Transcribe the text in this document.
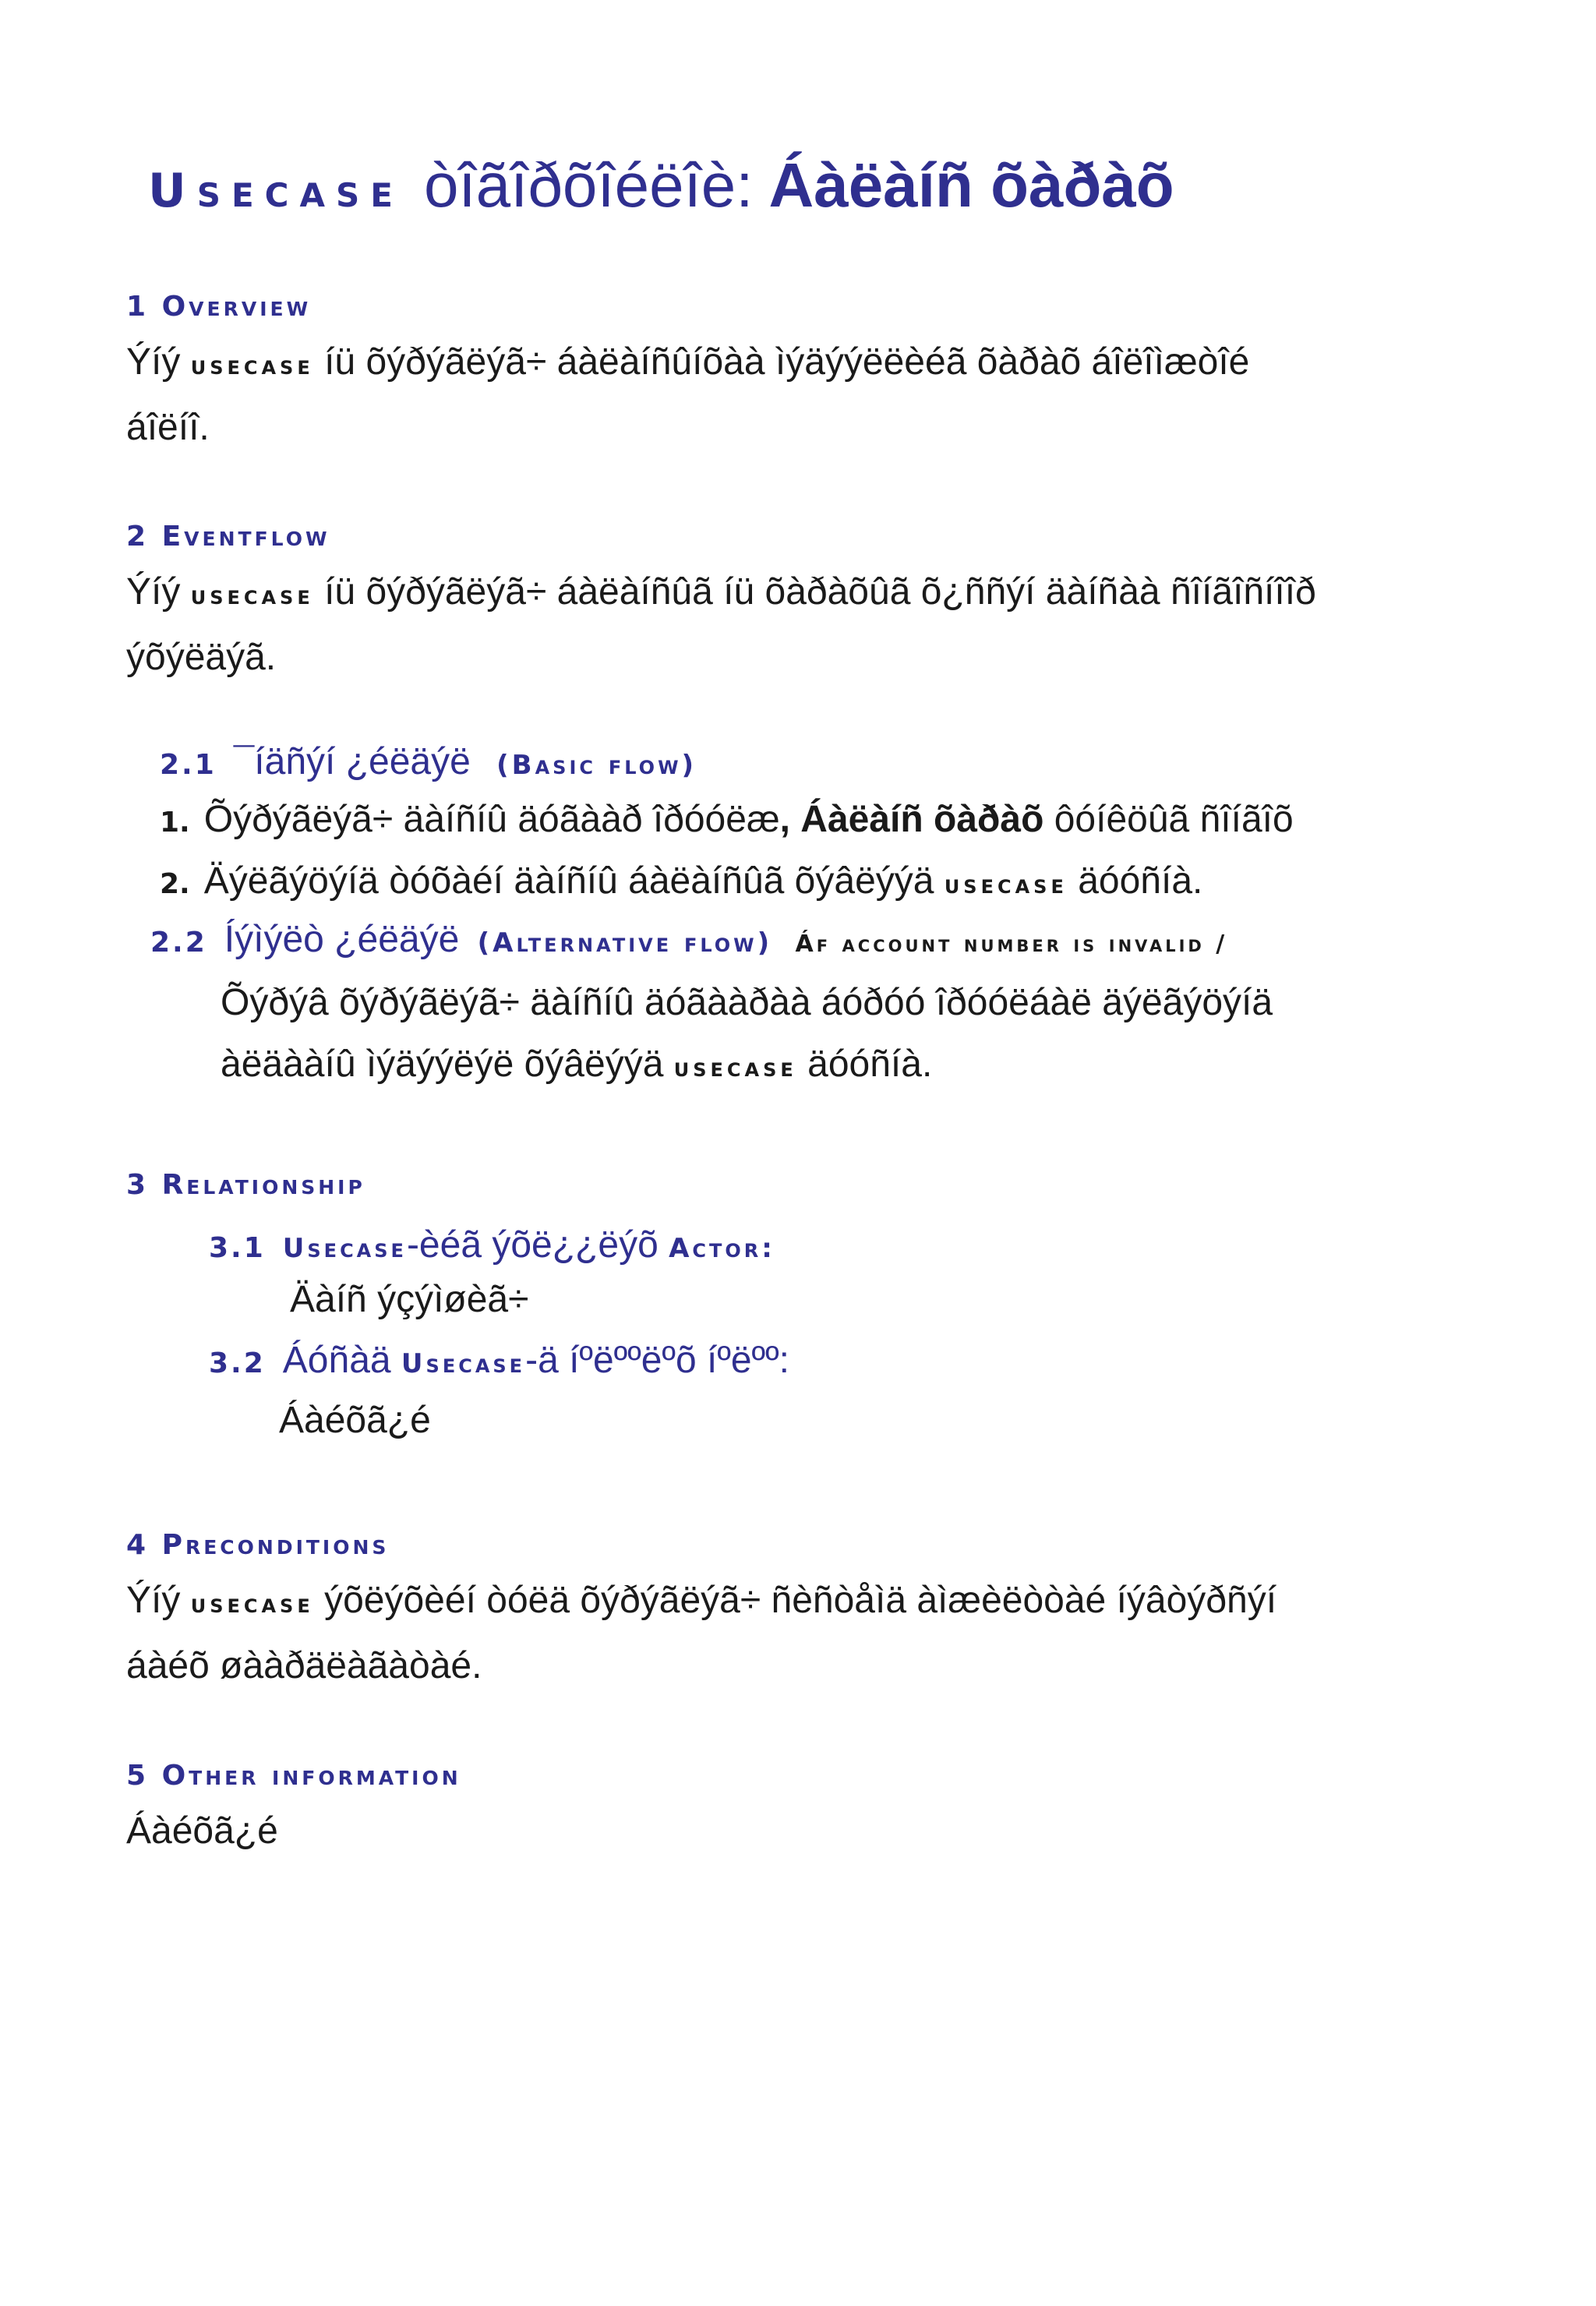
Usecase òîãîðõîéëîè: Áàëàíñ õàðàõ
1 Overview
Ýíý usecase íü õýðýãëýã÷ áàëàíñûíõàà ìýäýýëëèéã õàðàõ áîëîìæòîé
áîëíî.
2 Eventflow
Ýíý usecase íü õýðýãëýã÷ áàëàíñûã íü õàðàõûã õ¿ññýí äàíñàà ñîíãîñíîîð
ýõýëäýã.
2.1 ¯íäñýí ¿éëäýë (Basic flow)
1. Õýðýãëýã÷ äàíñíû äóãààð îðóóëæ, Áàëàíñ õàðàõ ôóíêöûã ñîíãîõ
2. Äýëãýöýíä òóõàéí äàíñíû áàëàíñûã õýâëýýä usecase äóóñíà.
2.2 Íýìýëò ¿éëäýë (Alternative flow) Áf account number is invalid /
Õýðýâ õýðýãëýã÷ äàíñíû äóãààðàà áóðóó îðóóëáàë äýëãýöýíä
àëäààíû ìýäýýëýë õýâëýýä usecase äóóñíà.
3 Relationship
3.1 Usecase-èéã ýõë¿¿ëýõ Actor:
Äàíñ ýçýìøèã÷
3.2 Áóñàä Usecase-ä íºëººëºõ íºëºº:
Áàéõã¿é
4 Preconditions
Ýíý usecase ýõëýõèéí òóëä õýðýãëýã÷ ñèñòåìä àìæèëòòàé íýâòýðñýí
áàéõ øààðäëàãàòàé.
5 Other information
Áàéõã¿é
